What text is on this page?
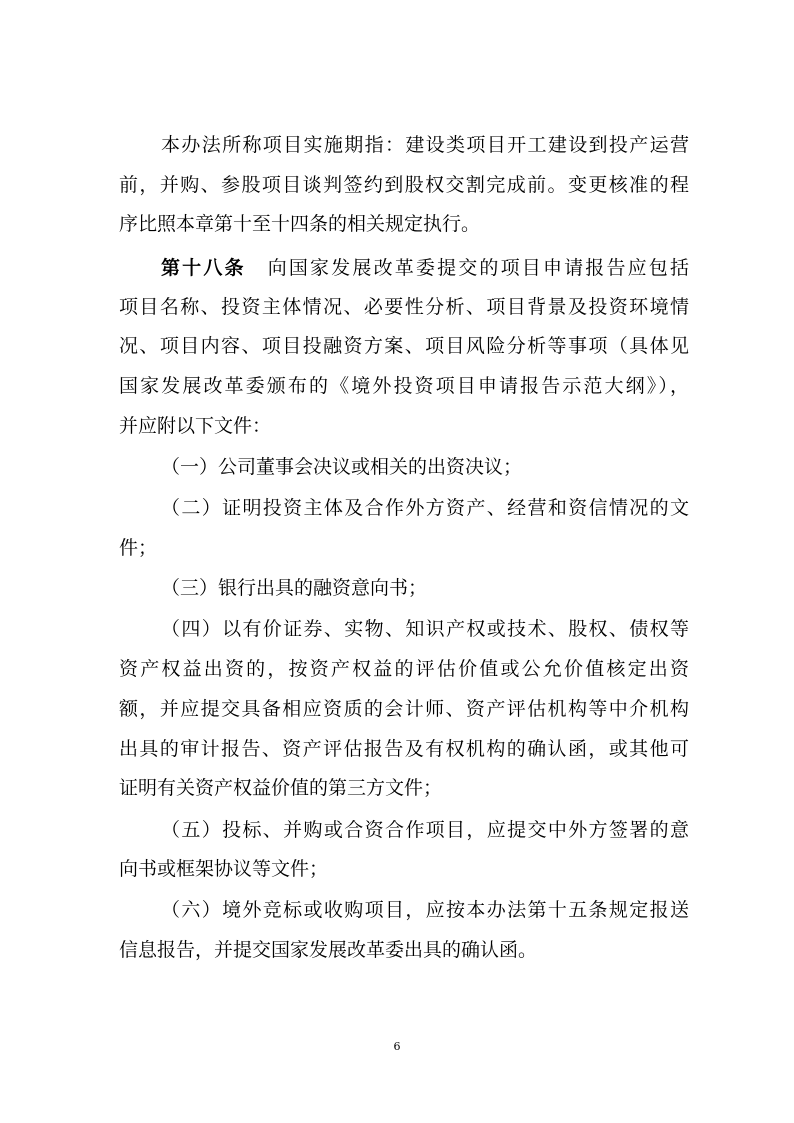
本办法所称项目实施期指：建设类项目开工建设到投产运营
前，并购、参股项目谈判签约到股权交割完成前。变更核准的程
序比照本章第十至十四条的相关规定执行。
第十八条 向国家发展改革委提交的项目申请报告应包括
项目名称、投资主体情况、必要性分析、项目背景及投资环境情
况、项目内容、项目投融资方案、项目风险分析等事项（具体见
国家发展改革委颁布的《境外投资项目申请报告示范大纲》），
并应附以下文件：
（一）公司董事会决议或相关的出资决议；
（二）证明投资主体及合作外方资产、经营和资信情况的文
件；
（三）银行出具的融资意向书；
（四）以有价证券、实物、知识产权或技术、股权、债权等
资产权益出资的，按资产权益的评估价值或公允价值核定出资
额，并应提交具备相应资质的会计师、资产评估机构等中介机构
出具的审计报告、资产评估报告及有权机构的确认函，或其他可
证明有关资产权益价值的第三方文件；
（五）投标、并购或合资合作项目，应提交中外方签署的意
向书或框架协议等文件；
（六）境外竞标或收购项目，应按本办法第十五条规定报送
信息报告，并提交国家发展改革委出具的确认函。
6
